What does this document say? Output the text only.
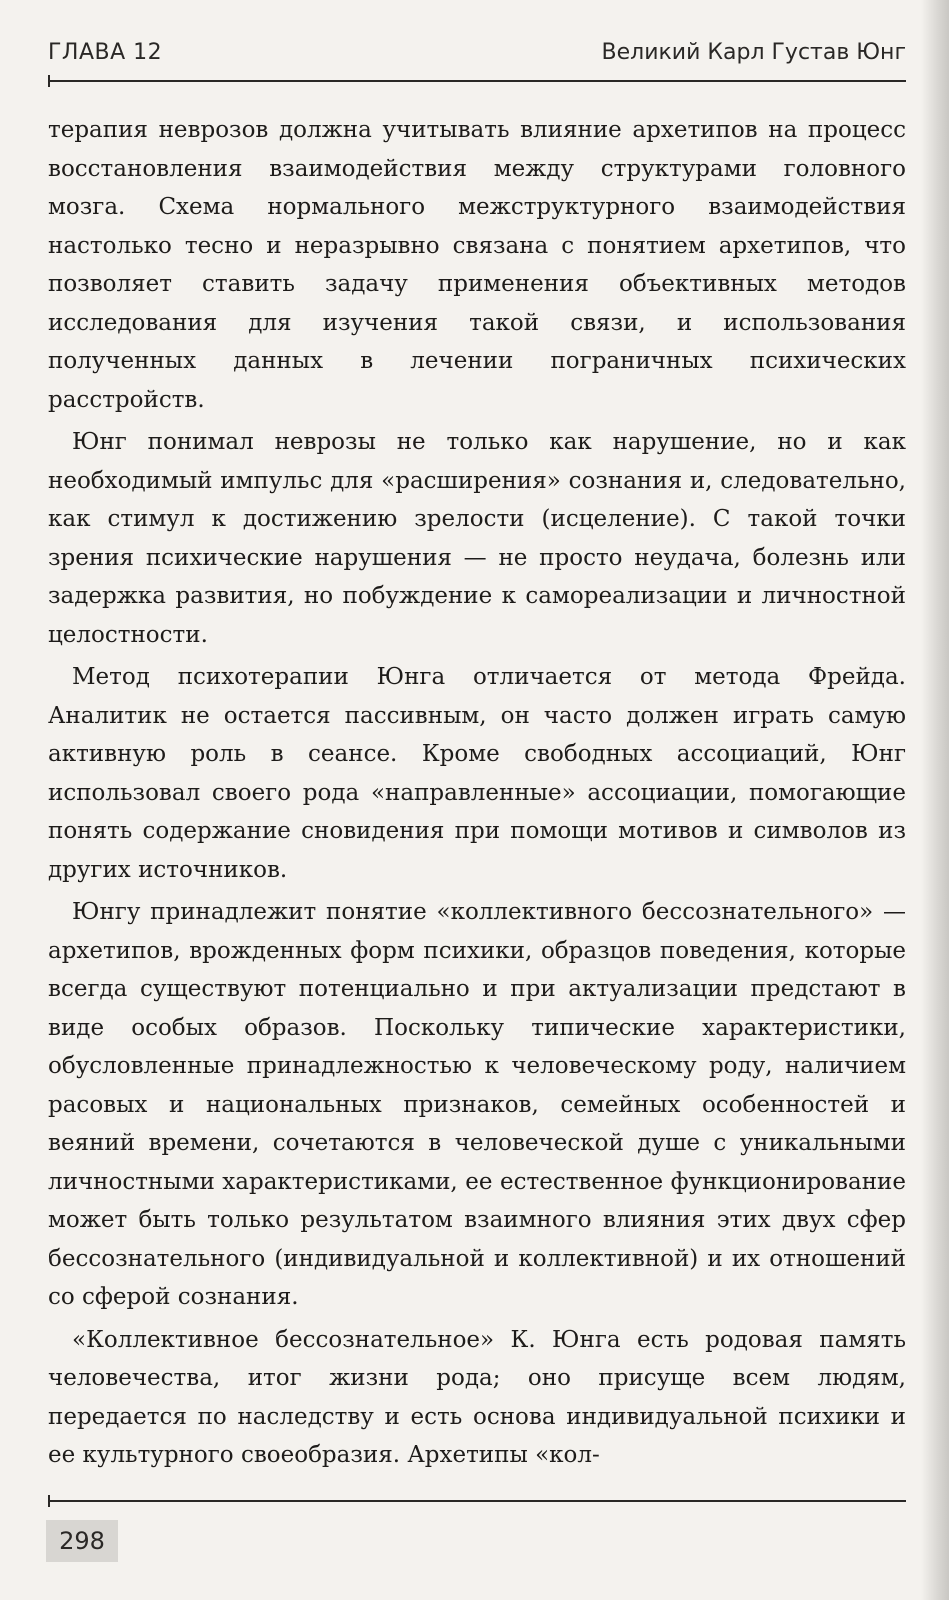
ГЛАВА 12	Великий Карл Густав Юнг

терапия неврозов должна учитывать влияние архетипов на процесс восстановления взаимодействия между структурами головного мозга. Схема нормального межструктурного взаимодействия настолько тесно и неразрывно связана с понятием архетипов, что позволяет ставить задачу применения объективных методов исследования для изучения такой связи, и использования полученных данных в лечении пограничных психических расстройств.

Юнг понимал неврозы не только как нарушение, но и как необходимый импульс для «расширения» сознания и, следовательно, как стимул к достижению зрелости (исцеление). С такой точки зрения психические нарушения — не просто неудача, болезнь или задержка развития, но побуждение к самореализации и личностной целостности.

Метод психотерапии Юнга отличается от метода Фрейда. Аналитик не остается пассивным, он часто должен играть самую активную роль в сеансе. Кроме свободных ассоциаций, Юнг использовал своего рода «направленные» ассоциации, помогающие понять содержание сновидения при помощи мотивов и символов из других источников.

Юнгу принадлежит понятие «коллективного бессознательного» — архетипов, врожденных форм психики, образцов поведения, которые всегда существуют потенциально и при актуализации предстают в виде особых образов. Поскольку типические характеристики, обусловленные принадлежностью к человеческому роду, наличием расовых и национальных признаков, семейных особенностей и веяний времени, сочетаются в человеческой душе с уникальными личностными характеристиками, ее естественное функционирование может быть только результатом взаимного влияния этих двух сфер бессознательного (индивидуальной и коллективной) и их отношений со сферой сознания.

«Коллективное бессознательное» К. Юнга есть родовая память человечества, итог жизни рода; оно присуще всем людям, передается по наследству и есть основа индивидуальной психики и ее культурного своеобразия. Архетипы «кол-

298
